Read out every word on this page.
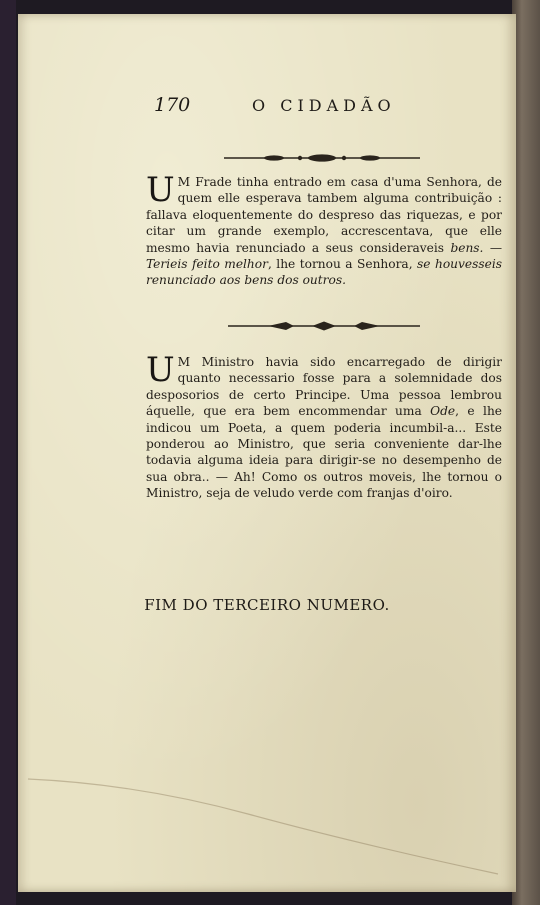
170	O CIDADÃO
U M Frade tinha entrado em casa d'uma Senhora, de quem elle esperava tambem alguma contribuição : fallava eloquentemente do despreso das riquezas, e por citar um grande exemplo, accrescentava, que elle mesmo havia renunciado a seus consideraveis bens. — Terieis feito melhor, lhe tornou a Senhora, se houvesseis renunciado aos bens dos outros.
U M Ministro havia sido encarregado de dirigir quanto necessario fosse para a solemnidade dos desposorios de certo Principe. Uma pessoa lembrou áquelle, que era bem encommendar uma Ode, e lhe indicou um Poeta, a quem poderia incumbil-a... Este ponderou ao Ministro, que seria conveniente dar-lhe todavia alguma ideia para dirigir-se no desempenho de sua obra.. — Ah! Como os outros moveis, lhe tornou o Ministro, seja de veludo verde com franjas d'oiro.
FIM DO TERCEIRO NUMERO.
